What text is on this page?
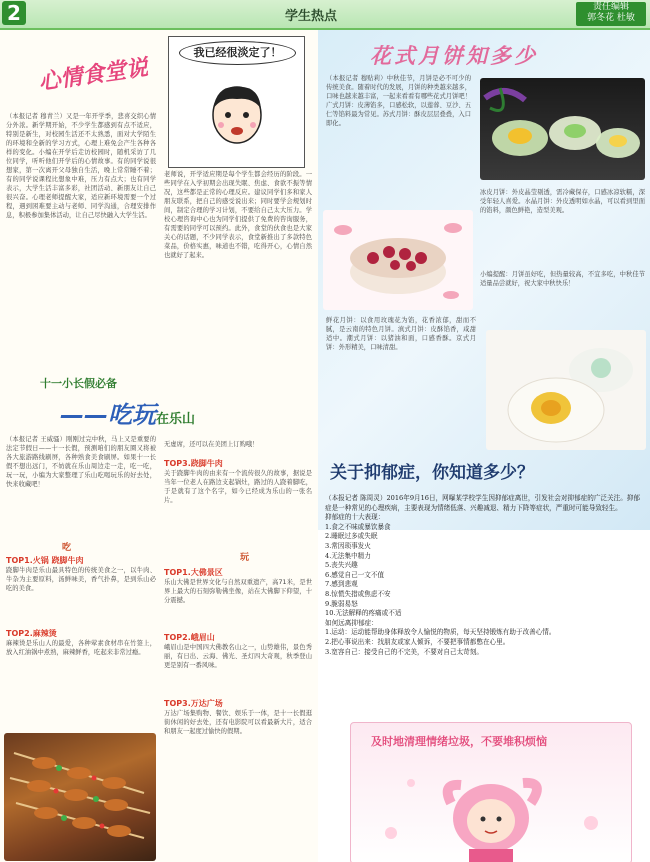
2	学生热点
责任编辑
郭冬花 杜敏
心情食堂说
我已经很淡定了！

（本报记者 穆青兰）又是一年开学季，悲喜交织心情分外浓。新学期开始，不少学生都感到有点不适应，特别是新生，对校园生活还不太熟悉，面对大学陌生的环境和全新的学习方式，心理上难免会产生各种各样的变化。小编在开学后走访校园时，随机采访了几位同学，听听他们开学后的心情故事。有的同学说很想家，第一次离开父母独自生活，晚上常常睡不着；有的同学说课程比想象中难，压力有点大；也有同学表示，大学生活丰富多彩，社团活动、新朋友让自己很兴奋。心理老师提醒大家，适应新环境需要一个过程，遇到困难要主动与老师、同学沟通，合理安排作息，积极参加集体活动，让自己尽快融入大学生活。

老师说，开学适应期是每个学生都会经历的阶段。一些同学在入学初期会出现失眠、焦虑、食欲不振等情况，这些都是正常的心理反应。建议同学们多和家人朋友联系，把自己的感受说出来；同时要学会规划时间，制定合理的学习计划，不要给自己太大压力。学校心理咨询中心也为同学们提供了免费的咨询服务，有需要的同学可以预约。此外，食堂的伙食也是大家关心的话题，不少同学表示，食堂新推出了多款特色菜品，价格实惠，味道也不错，吃得开心，心情自然也就好了起来。

十一小长假必备
——吃玩在乐山

（本报记者 王威骚）刚刚过完中秋，马上又是重要的法定节假日——十一长假，预测咱们的朋友圈又将被各大旅游路线刷屏，各种熟食美食刷屏。如果十一长假不想出远门，不妨就在乐山周边走一走，吃一吃，玩一玩，小编为大家整理了乐山吃喝玩乐的好去处，快来收藏吧！

无虚席，还可以在美团上订购哦！

吃
TOP1.火锅 跷脚牛肉

跷脚牛肉是乐山最具特色的传统美食之一，以牛肉、牛杂为主要原料，汤鲜味美，香气扑鼻，是到乐山必吃的美食。

TOP2.麻辣烫

麻辣烫是乐山人的最爱，各种荤素食材串在竹签上，放入红油锅中煮熟，麻辣鲜香，吃起来非常过瘾。

TOP3.跷脚牛肉

关于跷脚牛肉的由来有一个流传很久的故事，据说是当年一位老人在路边支起锅灶，路过的人跷着脚吃，于是就有了这个名字，如今已经成为乐山的一张名片。

玩
TOP1.大佛景区

乐山大佛是世界文化与自然双重遗产，高71米，是世界上最大的石刻弥勒佛坐像，站在大佛脚下仰望，十分震撼。

TOP2.峨眉山

峨眉山是中国四大佛教名山之一，山势雄伟，景色秀丽，有日出、云海、佛光、圣灯四大奇观，秋季登山更是别有一番风味。

TOP3.万达广场

万达广场集购物、餐饮、娱乐于一体，是十一长假逛街休闲的好去处，还有电影院可以看最新大片，适合和朋友一起度过愉快的假期。

花式月饼知多少

（本报记者 穆贴莉）中秋佳节，月饼是必不可少的传统美食。随着时代的发展，月饼的种类越来越多，口味也越来越丰富，一起来看看有哪些花式月饼吧！广式月饼：皮薄馅多，口感松软，以莲蓉、豆沙、五仁等馅料最为常见。苏式月饼：酥皮层层叠叠，入口即化。

冰皮月饼：外皮晶莹剔透，需冷藏保存，口感冰凉软糯，深受年轻人喜爱。水晶月饼：外皮透明如水晶，可以看到里面的馅料，颜色鲜艳，造型美观。

鲜花月饼：以食用玫瑰花为馅，花香浓郁，甜而不腻，是云南的特色月饼。滇式月饼：皮酥馅香，咸甜适中。潮式月饼：以猪油和面，口感香酥。京式月饼：外形精美，口味清甜。

小编提醒：月饼虽好吃，但热量较高，不宜多吃，中秋佳节适量品尝就好，祝大家中秋快乐！

关于抑郁症，你知道多少？

（本报记者 陈周灵）2016年9月16日，网曝某学校学生因抑郁症离世，引发社会对抑郁症的广泛关注。抑郁症是一种常见的心理疾病，主要表现为情绪低落、兴趣减退、精力下降等症状，严重时可能导致轻生。

抑郁症的十大表现：

1.食之不味或暴饮暴食

2.睡眠过多或失眠

3.常因琐事发火

4.无法集中精力

5.丧失兴趣

6.感觉自己一文不值

7.感到悲观

8.惊慌失措或焦虑不安

9.脆弱易怒

10.无法解释的疼痛或不适

如何远离抑郁症：

1.运动：运动能帮助身体释放令人愉悦的物质，每天坚持锻炼有助于改善心情。

2.把心事说出来：找朋友或家人倾诉，不要把事情都憋在心里。

3.宽容自己：接受自己的不完美，不要对自己太苛刻。

及时地清理情绪垃圾，不要堆积烦恼
